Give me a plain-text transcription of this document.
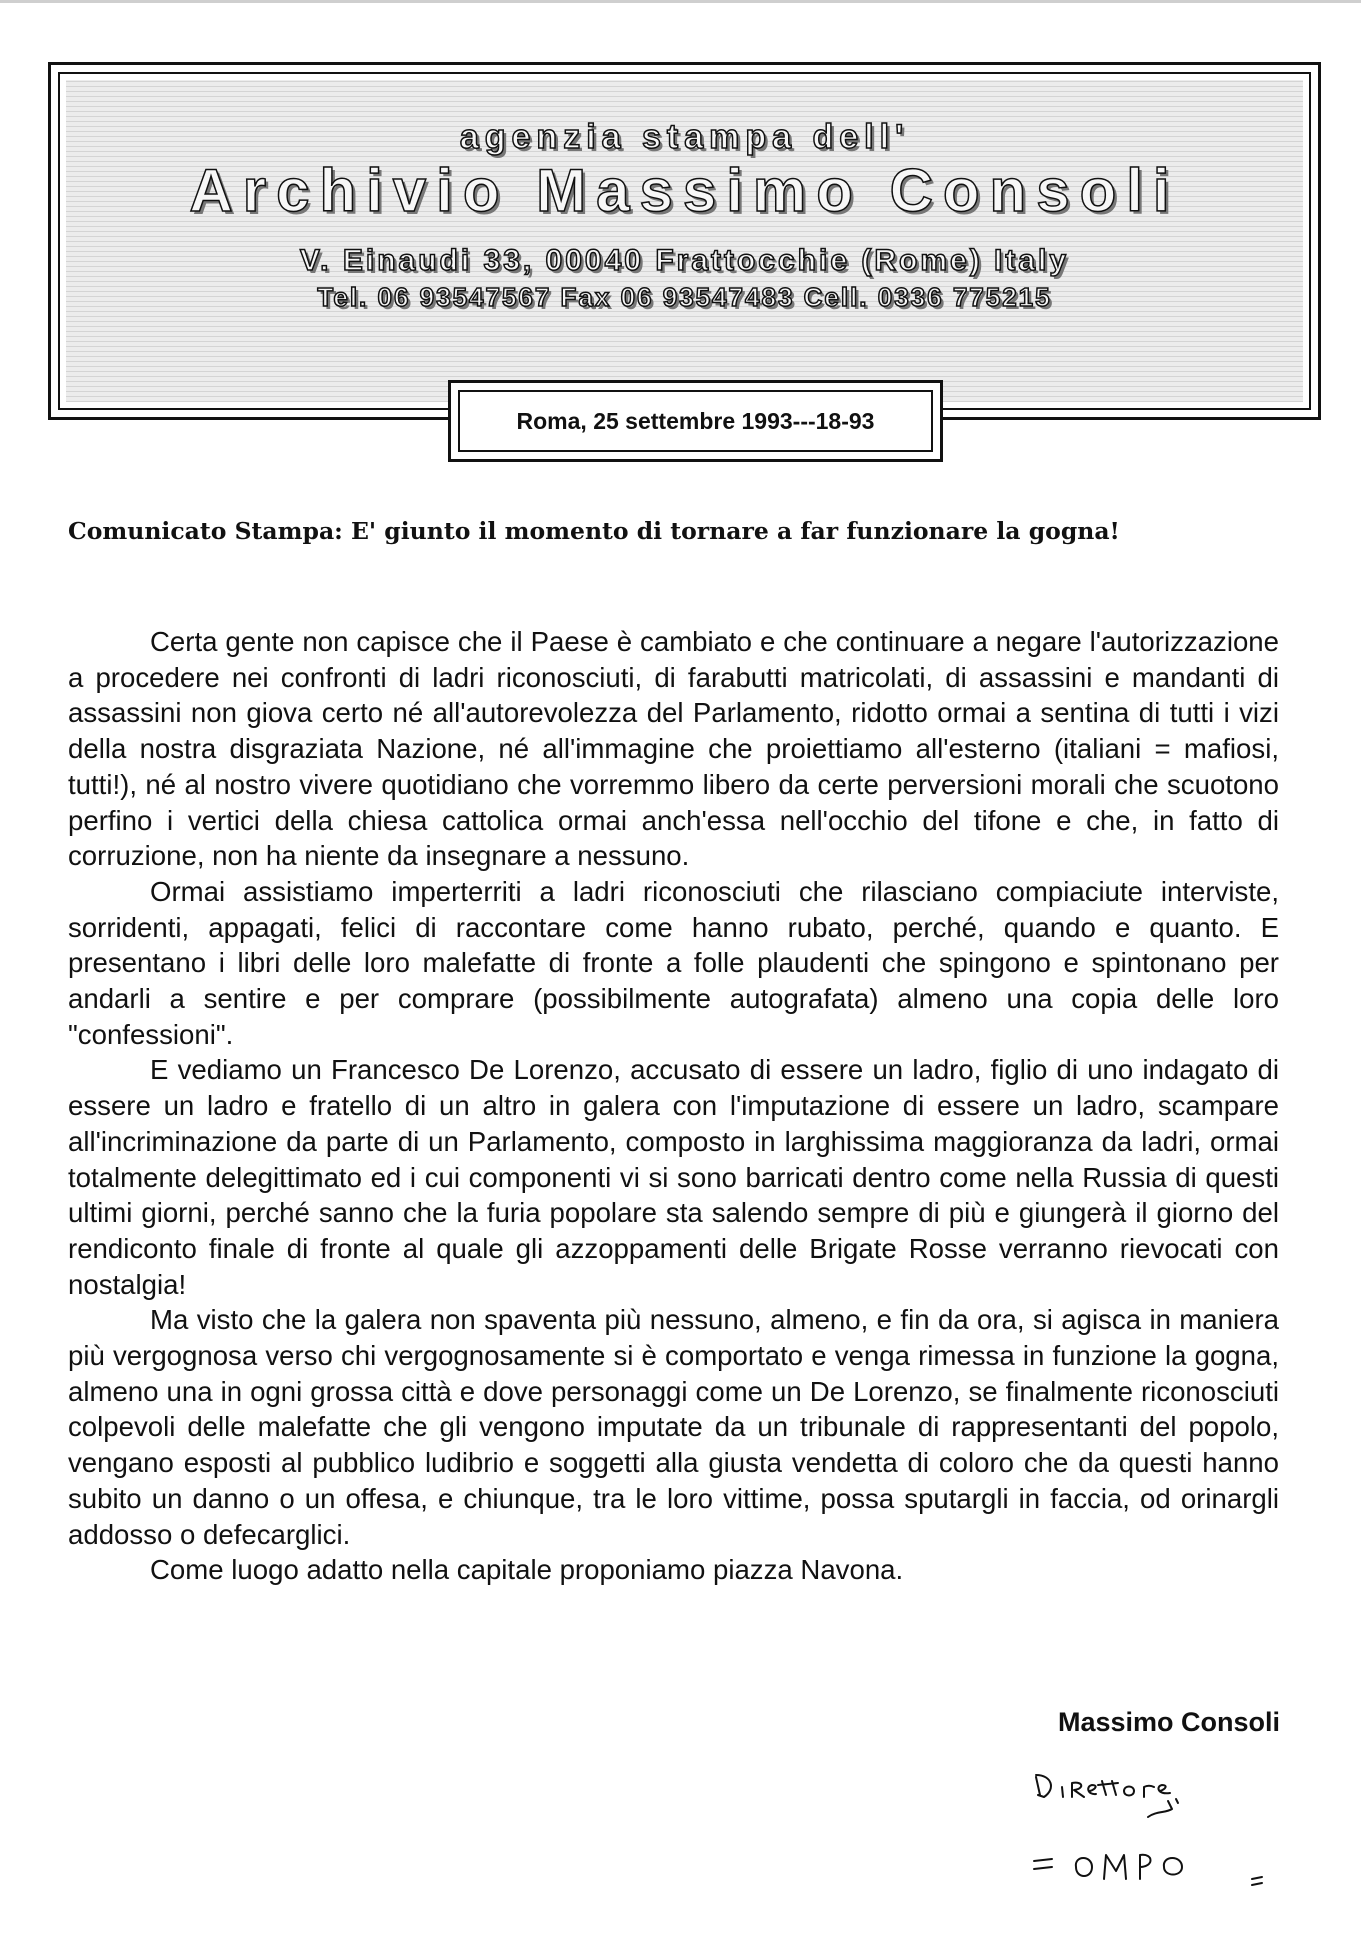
agenzia stampa dell'
Archivio Massimo Consoli
V. Einaudi 33, 00040 Frattocchie (Rome) Italy
Tel. 06 93547567 Fax 06 93547483 Cell. 0336 775215
Roma, 25 settembre 1993---18-93
Comunicato Stampa: E' giunto il momento di tornare a far funzionare la gogna!

Certa gente non capisce che il Paese è cambiato e che continuare a negare l'autorizzazione a procedere nei confronti di ladri riconosciuti, di farabutti matricolati, di assassini e mandanti di assassini non giova certo né all'autorevolezza del Parlamento, ridotto ormai a sentina di tutti i vizi della nostra disgraziata Nazione, né all'immagine che proiettiamo all'esterno (italiani = mafiosi, tutti!), né al nostro vivere quotidiano che vorremmo libero da certe perversioni morali che scuotono perfino i vertici della chiesa cattolica ormai anch'essa nell'occhio del tifone e che, in fatto di corruzione, non ha niente da insegnare a nessuno.

Ormai assistiamo imperterriti a ladri riconosciuti che rilasciano compiaciute interviste, sorridenti, appagati, felici di raccontare come hanno rubato, perché, quando e quanto. E presentano i libri delle loro malefatte di fronte a folle plaudenti che spingono e spintonano per andarli a sentire e per comprare (possibilmente autografata) almeno una copia delle loro "confessioni".

E vediamo un Francesco De Lorenzo, accusato di essere un ladro, figlio di uno indagato di essere un ladro e fratello di un altro in galera con l'imputazione di essere un ladro, scampare all'incriminazione da parte di un Parlamento, composto in larghissima maggioranza da ladri, ormai totalmente delegittimato ed i cui componenti vi si sono barricati dentro come nella Russia di questi ultimi giorni, perché sanno che la furia popolare sta salendo sempre di più e giungerà il giorno del rendiconto finale di fronte al quale gli azzoppamenti delle Brigate Rosse verranno rievocati con nostalgia!

Ma visto che la galera non spaventa più nessuno, almeno, e fin da ora, si agisca in maniera più vergognosa verso chi vergognosamente si è comportato e venga rimessa in funzione la gogna, almeno una in ogni grossa città e dove personaggi come un De Lorenzo, se finalmente riconosciuti colpevoli delle malefatte che gli vengono imputate da un tribunale di rappresentanti del popolo, vengano esposti al pubblico ludibrio e soggetti alla giusta vendetta di coloro che da questi hanno subito un danno o un offesa, e chiunque, tra le loro vittime, possa sputargli in faccia, od orinargli addosso o defecarglici.

Come luogo adatto nella capitale proponiamo piazza Navona.

Massimo Consoli
